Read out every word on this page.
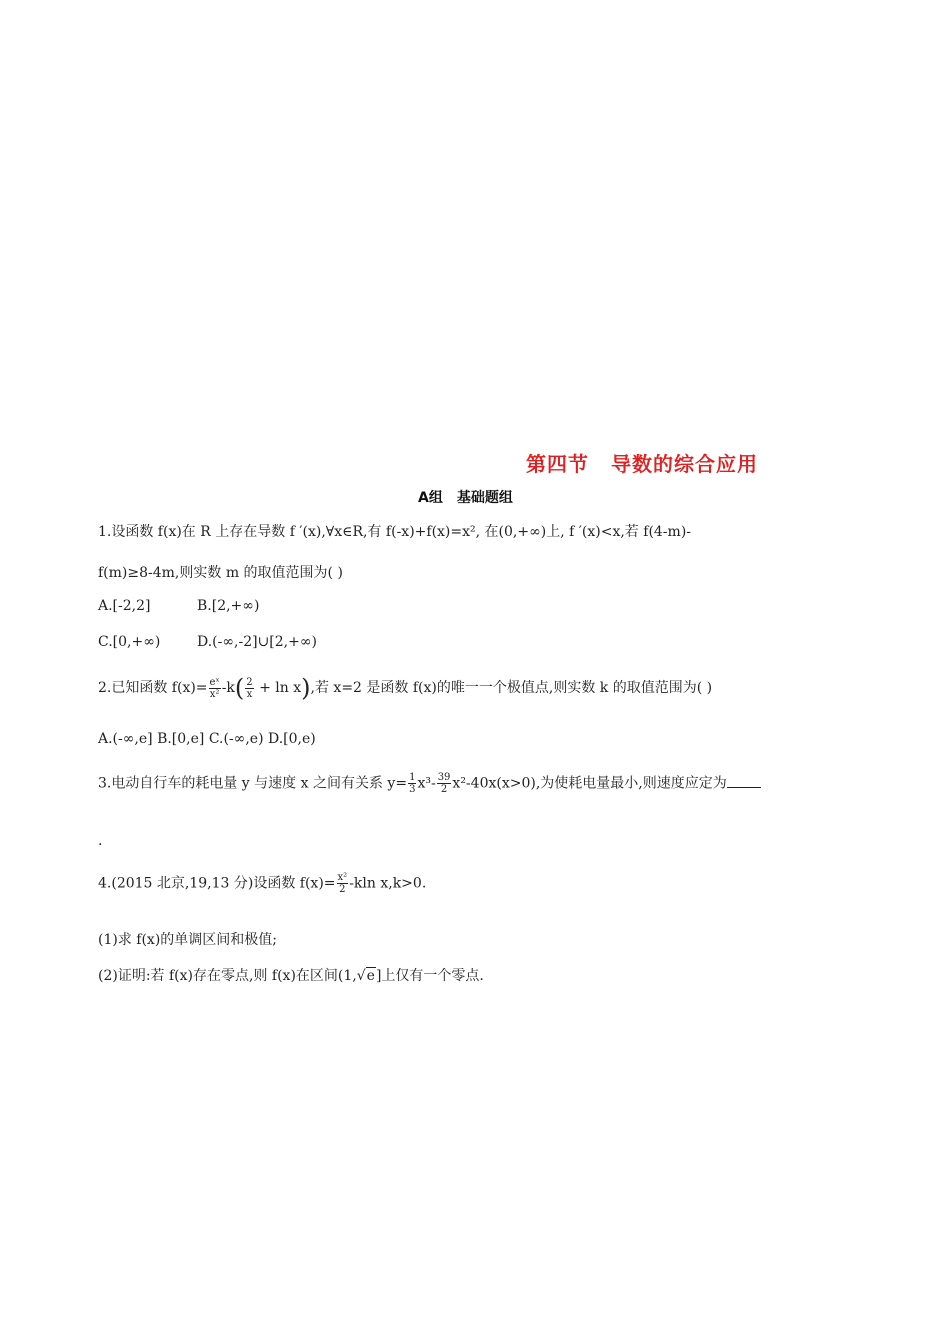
第四节 导数的综合应用
A组 基础题组
1.设函数 f(x)在 R 上存在导数 f ′(x),∀x∈R,有 f(-x)+f(x)=x², 在(0,+∞)上, f ′(x)<x,若 f(4-m)-
f(m)≥8-4m,则实数 m 的取值范围为( )
A.[-2,2]	B.[2,+∞)
C.[0,+∞)	D.(-∞,-2]∪[2,+∞)
2.已知函数 $f(x)= \frac{\text{eˣ}}{\text{x²}} -k( \frac{2}{x} + \ln x)$,若 x=2 是函数 f(x)的唯一一个极值点,则实数 k 的取值范围为( )
A.(-∞,e] B.[0,e] C.(-∞,e) D.[0,e)
3.电动自行车的耗电量 y 与速度 x 之间有关系 $y= \frac{1}{3} x^3- \frac{39}{2} x^2-40x(x>0)$,为使耗电量最小,则速度应定为
.
4.(2015 北京,19,13 分)设函数 $f(x)= \frac{\text{x²}}{2} -kln$ x,k>0.
(1)求 f(x)的单调区间和极值;
(2)证明:若 f(x)存在零点,则 f(x)在区间(1,√e]上仅有一个零点.
